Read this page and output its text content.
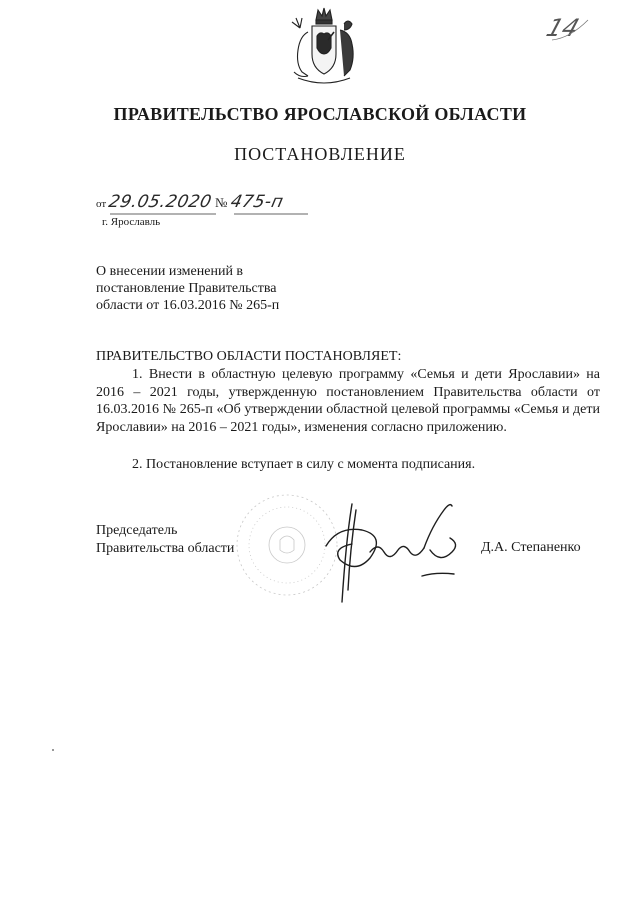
14
ПРАВИТЕЛЬСТВО ЯРОСЛАВСКОЙ ОБЛАСТИ
ПОСТАНОВЛЕНИЕ
от 29.05.2020 № 475-п
г. Ярославль
О внесении изменений в
постановление Правительства
области от 16.03.2016 № 265-п
ПРАВИТЕЛЬСТВО ОБЛАСТИ ПОСТАНОВЛЯЕТ:
1. Внести в областную целевую программу «Семья и дети Ярославии» на 2016 – 2021 годы, утвержденную постановлением Правительства области от 16.03.2016 № 265-п «Об утверждении областной целевой программы «Семья и дети Ярославии» на 2016 – 2021 годы», изменения согласно приложению.
2. Постановление вступает в силу с момента подписания.
Председатель
Правительства области	Д.А. Степаненко
